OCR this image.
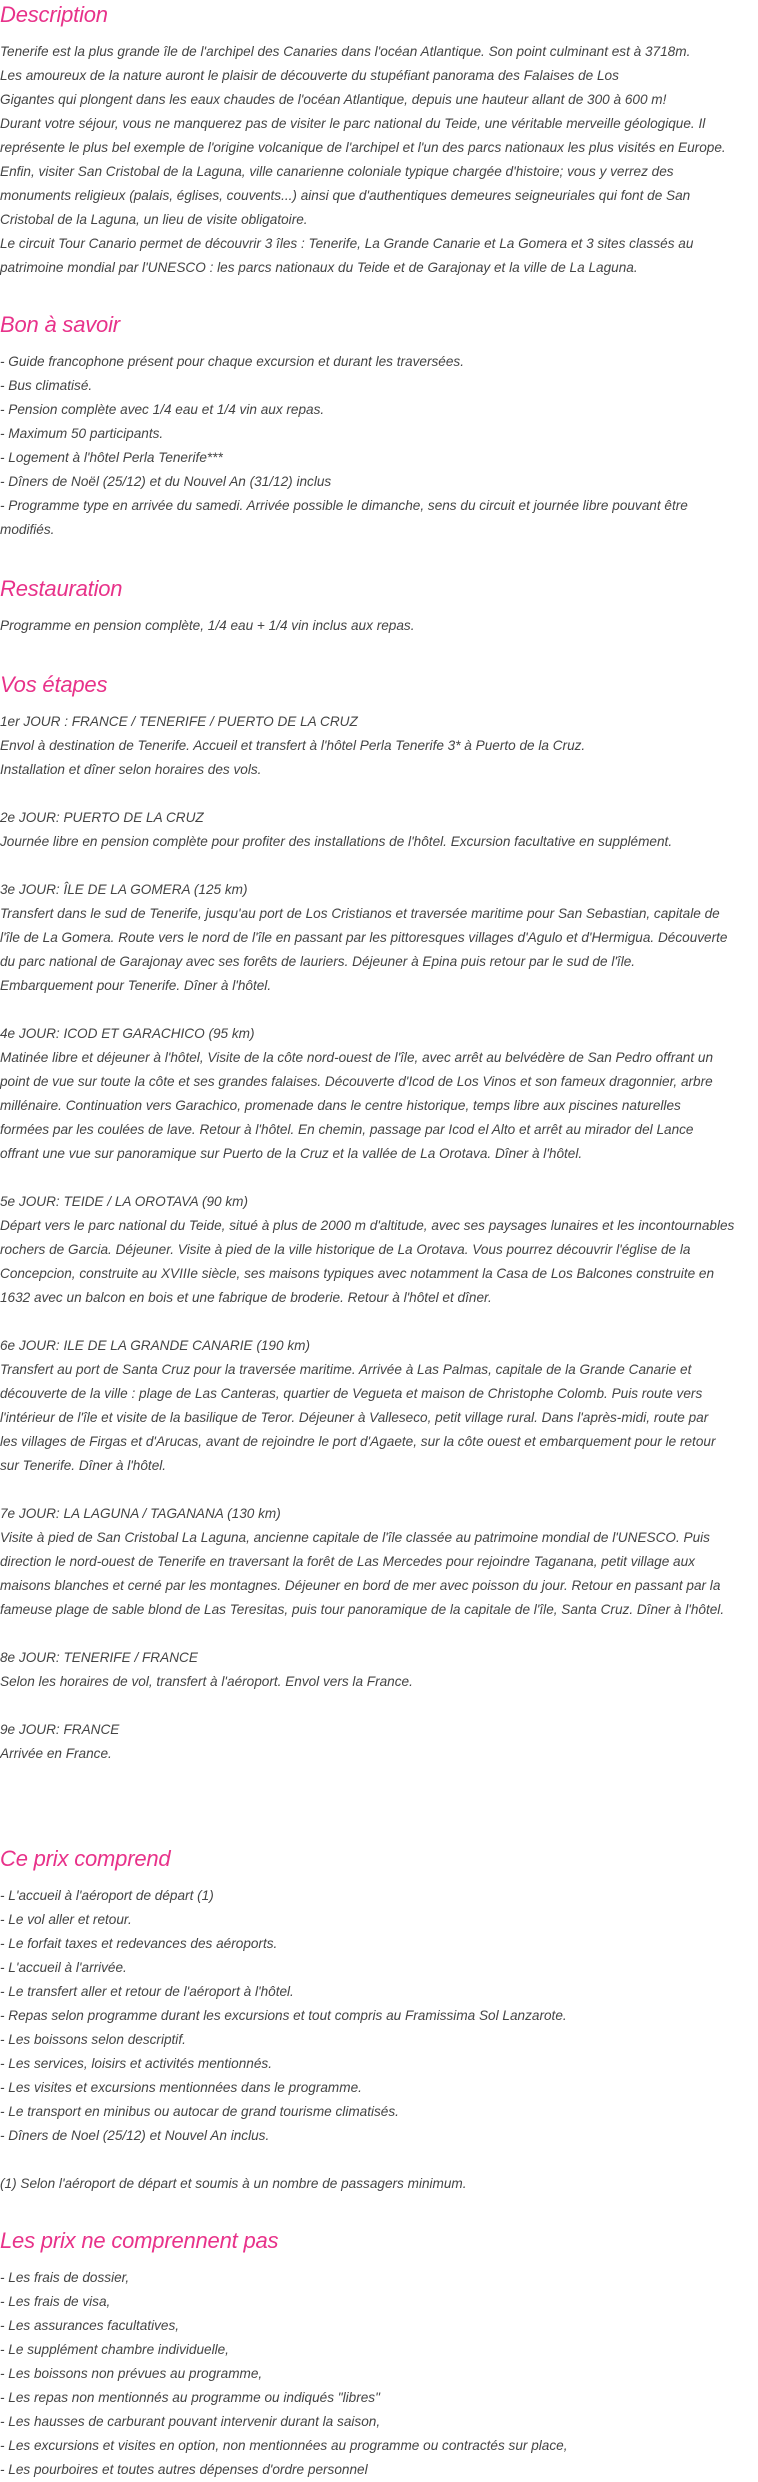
Description
Tenerife est la plus grande île de l'archipel des Canaries dans l'océan Atlantique. Son point culminant est à 3718m.
Les amoureux de la nature auront le plaisir de découverte du stupéfiant panorama des Falaises de Los
Gigantes qui plongent dans les eaux chaudes de l'océan Atlantique, depuis une hauteur allant de 300 à 600 m!
Durant votre séjour, vous ne manquerez pas de visiter le parc national du Teide, une véritable merveille géologique. Il
représente le plus bel exemple de l'origine volcanique de l'archipel et l'un des parcs nationaux les plus visités en Europe.
Enfin, visiter San Cristobal de la Laguna, ville canarienne coloniale typique chargée d'histoire; vous y verrez des
monuments religieux (palais, églises, couvents...) ainsi que d'authentiques demeures seigneuriales qui font de San
Cristobal de la Laguna, un lieu de visite obligatoire.
Le circuit Tour Canario permet de découvrir 3 îles : Tenerife, La Grande Canarie et La Gomera et 3 sites classés au
patrimoine mondial par l'UNESCO : les parcs nationaux du Teide et de Garajonay et la ville de La Laguna.
Bon à savoir
- Guide francophone présent pour chaque excursion et durant les traversées.
- Bus climatisé.
- Pension complète avec 1/4 eau et 1/4 vin aux repas.
- Maximum 50 participants.
- Logement à l'hôtel Perla Tenerife***
- Dîners de Noël (25/12) et du Nouvel An (31/12) inclus
- Programme type en arrivée du samedi. Arrivée possible le dimanche, sens du circuit et journée libre pouvant être
modifiés.
Restauration
Programme en pension complète, 1/4 eau + 1/4 vin inclus aux repas.
Vos étapes
1er JOUR : FRANCE / TENERIFE / PUERTO DE LA CRUZ
Envol à destination de Tenerife. Accueil et transfert à l'hôtel Perla Tenerife 3* à Puerto de la Cruz.
Installation et dîner selon horaires des vols.
2e JOUR: PUERTO DE LA CRUZ
Journée libre en pension complète pour profiter des installations de l'hôtel. Excursion facultative en supplément.
3e JOUR: ÎLE DE LA GOMERA (125 km)
Transfert dans le sud de Tenerife, jusqu'au port de Los Cristianos et traversée maritime pour San Sebastian, capitale de
l'île de La Gomera. Route vers le nord de l'île en passant par les pittoresques villages d'Agulo et d'Hermigua. Découverte
du parc national de Garajonay avec ses forêts de lauriers. Déjeuner à Epina puis retour par le sud de l'île.
Embarquement pour Tenerife. Dîner à l'hôtel.
4e JOUR: ICOD ET GARACHICO (95 km)
Matinée libre et déjeuner à l'hôtel, Visite de la côte nord-ouest de l'île, avec arrêt au belvédère de San Pedro offrant un
point de vue sur toute la côte et ses grandes falaises. Découverte d'Icod de Los Vinos et son fameux dragonnier, arbre
millénaire. Continuation vers Garachico, promenade dans le centre historique, temps libre aux piscines naturelles
formées par les coulées de lave. Retour à l'hôtel. En chemin, passage par Icod el Alto et arrêt au mirador del Lance
offrant une vue sur panoramique sur Puerto de la Cruz et la vallée de La Orotava. Dîner à l'hôtel.
5e JOUR: TEIDE / LA OROTAVA (90 km)
Départ vers le parc national du Teide, situé à plus de 2000 m d'altitude, avec ses paysages lunaires et les incontournables
rochers de Garcia. Déjeuner. Visite à pied de la ville historique de La Orotava. Vous pourrez découvrir l'église de la
Concepcion, construite au XVIIIe siècle, ses maisons typiques avec notamment la Casa de Los Balcones construite en
1632 avec un balcon en bois et une fabrique de broderie. Retour à l'hôtel et dîner.
6e JOUR: ILE DE LA GRANDE CANARIE (190 km)
Transfert au port de Santa Cruz pour la traversée maritime. Arrivée à Las Palmas, capitale de la Grande Canarie et
découverte de la ville : plage de Las Canteras, quartier de Vegueta et maison de Christophe Colomb. Puis route vers
l'intérieur de l'île et visite de la basilique de Teror. Déjeuner à Valleseco, petit village rural. Dans l'après-midi, route par
les villages de Firgas et d'Arucas, avant de rejoindre le port d'Agaete, sur la côte ouest et embarquement pour le retour
sur Tenerife. Dîner à l'hôtel.
7e JOUR: LA LAGUNA / TAGANANA (130 km)
Visite à pied de San Cristobal La Laguna, ancienne capitale de l'île classée au patrimoine mondial de l'UNESCO. Puis
direction le nord-ouest de Tenerife en traversant la forêt de Las Mercedes pour rejoindre Taganana, petit village aux
maisons blanches et cerné par les montagnes. Déjeuner en bord de mer avec poisson du jour. Retour en passant par la
fameuse plage de sable blond de Las Teresitas, puis tour panoramique de la capitale de l'île, Santa Cruz. Dîner à l'hôtel.
8e JOUR: TENERIFE / FRANCE
Selon les horaires de vol, transfert à l'aéroport. Envol vers la France.
9e JOUR: FRANCE
Arrivée en France.
Ce prix comprend
- L'accueil à l'aéroport de départ (1)
- Le vol aller et retour.
- Le forfait taxes et redevances des aéroports.
- L'accueil à l'arrivée.
- Le transfert aller et retour de l'aéroport à l'hôtel.
- Repas selon programme durant les excursions et tout compris au Framissima Sol Lanzarote.
- Les boissons selon descriptif.
- Les services, loisirs et activités mentionnés.
- Les visites et excursions mentionnées dans le programme.
- Le transport en minibus ou autocar de grand tourisme climatisés.
- Dîners de Noel (25/12) et Nouvel An inclus.
(1) Selon l'aéroport de départ et soumis à un nombre de passagers minimum.
Les prix ne comprennent pas
- Les frais de dossier,
- Les frais de visa,
- Les assurances facultatives,
- Le supplément chambre individuelle,
- Les boissons non prévues au programme,
- Les repas non mentionnés au programme ou indiqués "libres"
- Les hausses de carburant pouvant intervenir durant la saison,
- Les excursions et visites en option, non mentionnées au programme ou contractés sur place,
- Les pourboires et toutes autres dépenses d'ordre personnel
